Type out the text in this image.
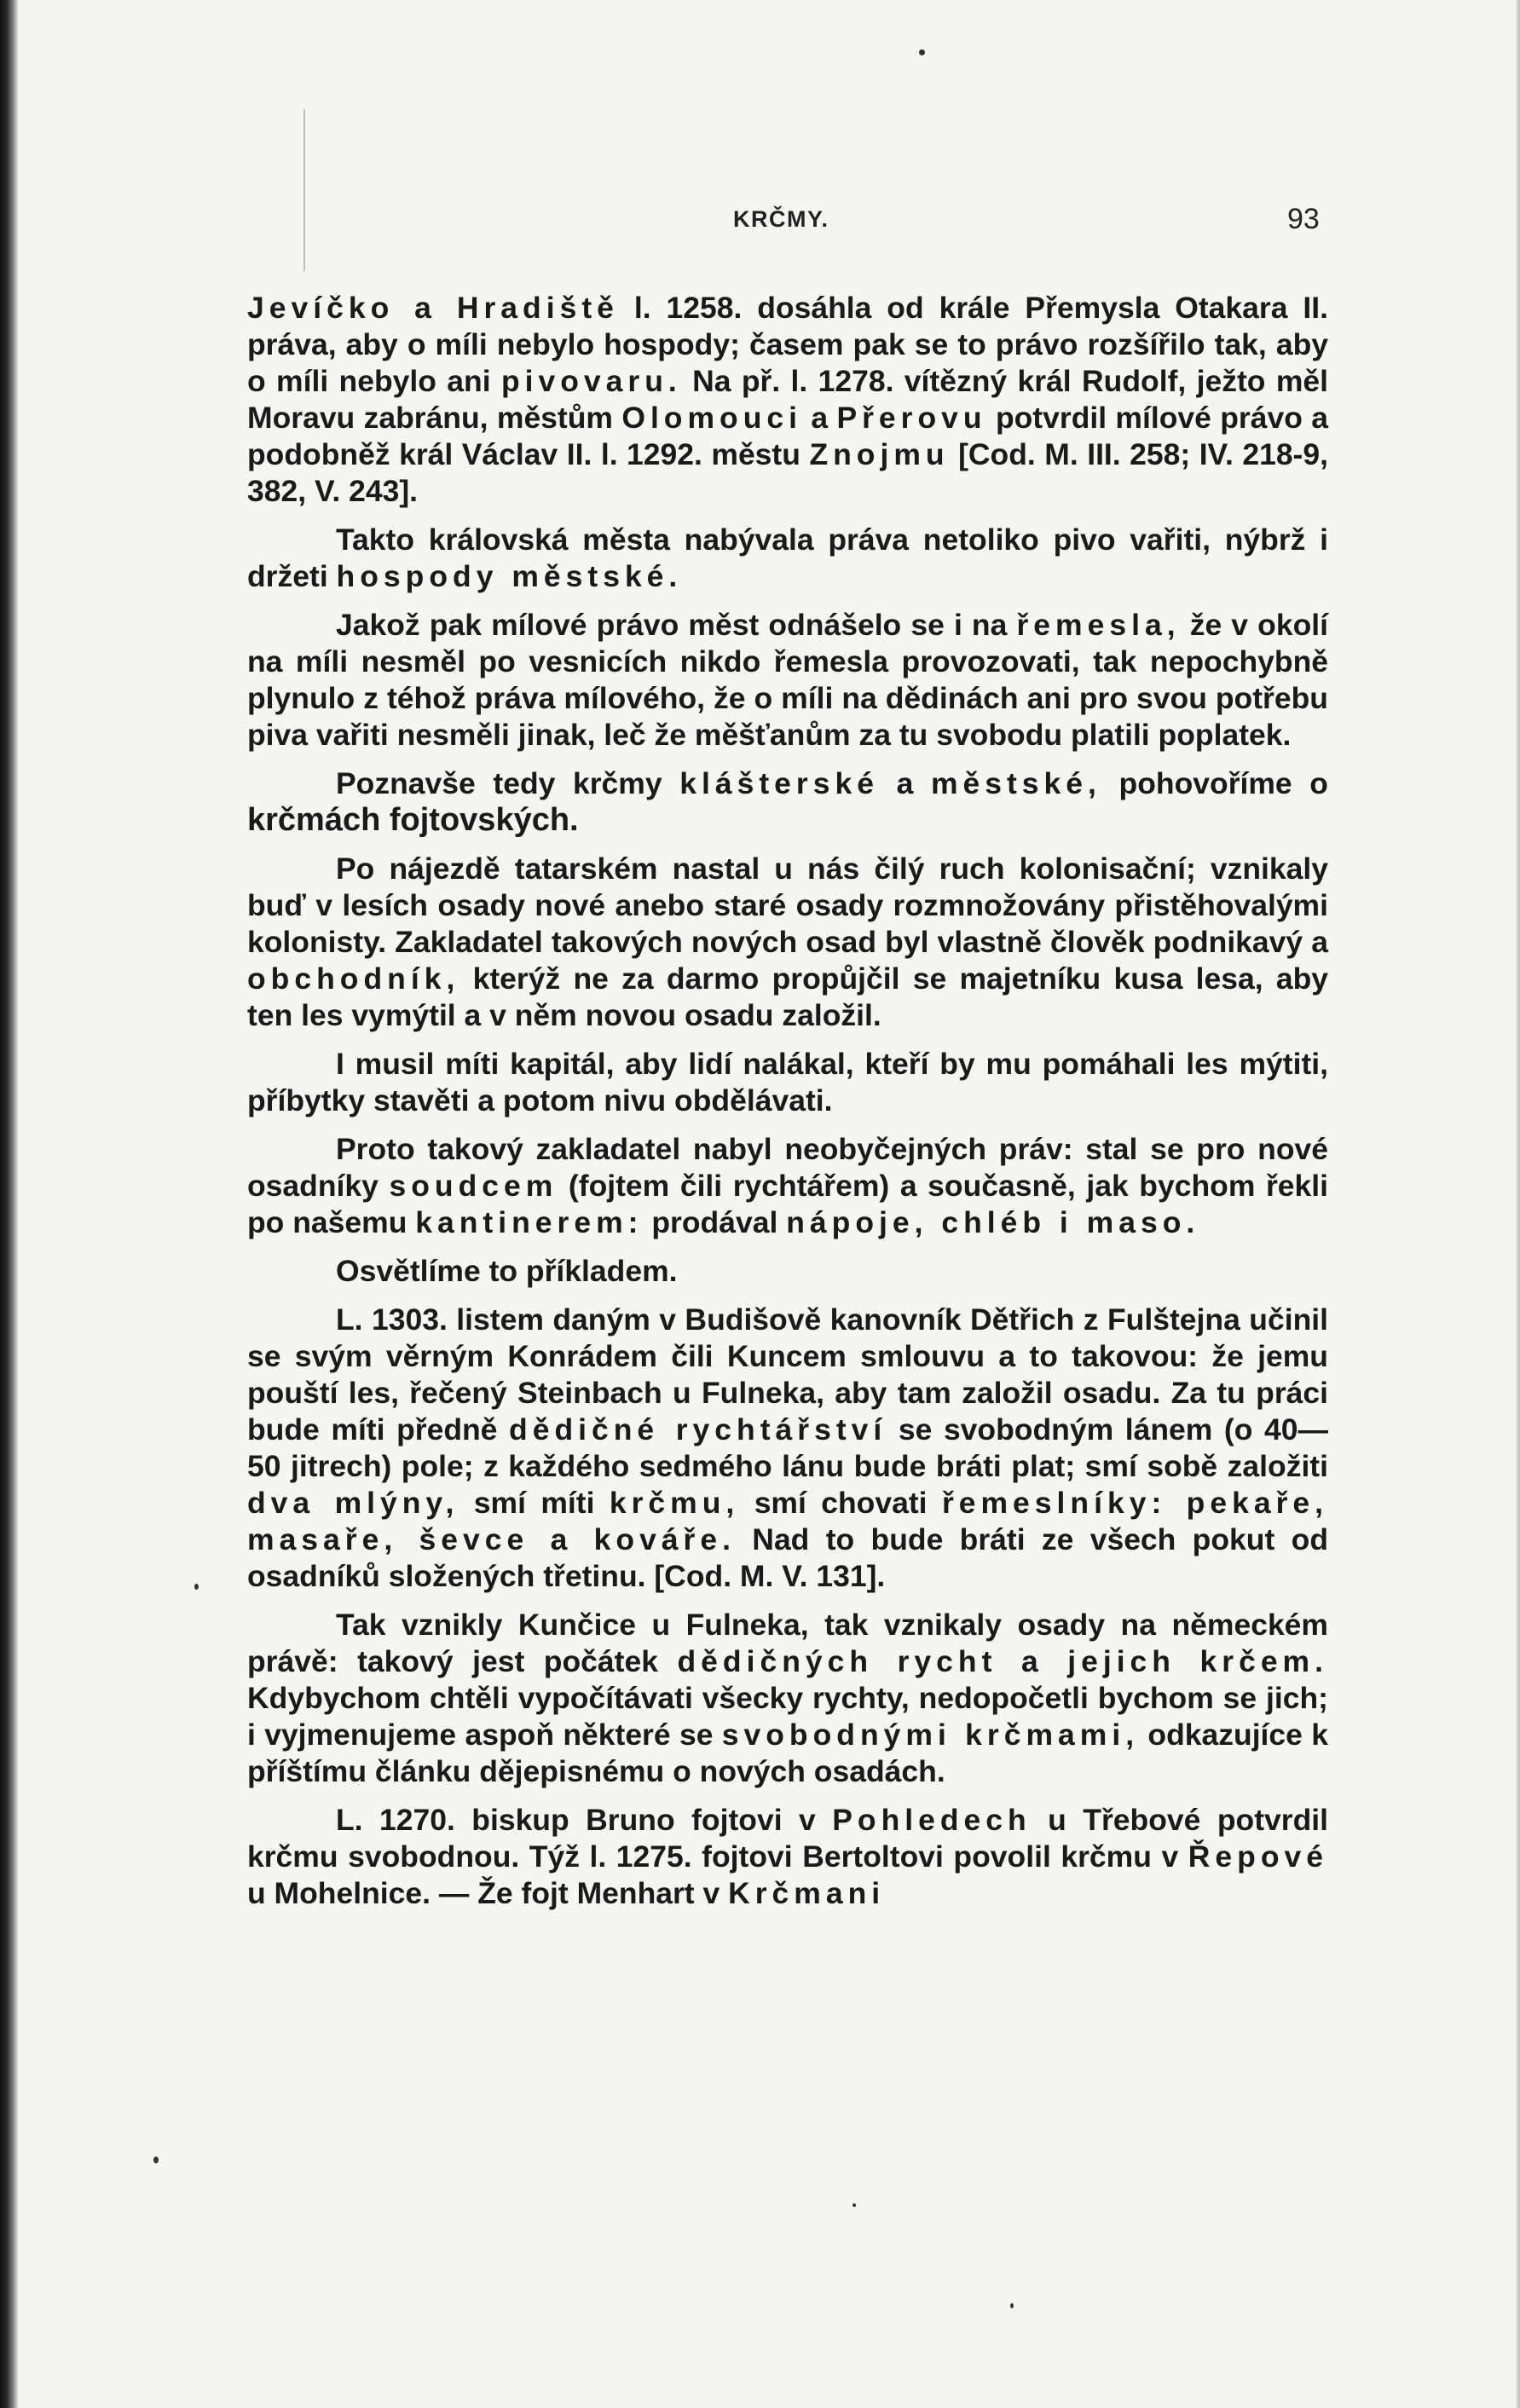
KRČMY.	93

Jevíčko a Hradiště l. 1258. dosáhla od krále Přemysla Otakara II. práva, aby o míli nebylo hospody; časem pak se to právo rozšířilo tak, aby o míli nebylo ani pivovaru. Na př. l. 1278. vítězný král Rudolf, ježto měl Moravu zabránu, městům Olomouci a Přerovu potvrdil mílové právo a podobněž král Václav II. l. 1292. městu Znojmu [Cod. M. III. 258; IV. 218-9, 382, V. 243].

Takto královská města nabývala práva netoliko pivo vařiti, nýbrž i držeti hospody městské.

Jakož pak mílové právo měst odnášelo se i na řemesla, že v okolí na míli nesměl po vesnicích nikdo řemesla provozovati, tak nepochybně plynulo z téhož práva mílového, že o míli na dědinách ani pro svou potřebu piva vařiti nesměli jinak, leč že měšťanům za tu svobodu platili poplatek.

Poznavše tedy krčmy klášterské a městské, pohovoříme o krčmách fojtovských.

Po nájezdě tatarském nastal u nás čilý ruch kolonisační; vznikaly buď v lesích osady nové anebo staré osady rozmnožovány přistěhovalými kolonisty. Zakladatel takových nových osad byl vlastně člověk podnikavý a obchodník, kterýž ne za darmo propůjčil se majetníku kusa lesa, aby ten les vymýtil a v něm novou osadu založil.

I musil míti kapitál, aby lidí nalákal, kteří by mu pomáhali les mýtiti, příbytky stavěti a potom nivu obdělávati.

Proto takový zakladatel nabyl neobyčejných práv: stal se pro nové osadníky soudcem (fojtem čili rychtářem) a současně, jak bychom řekli po našemu kantinerem: prodával nápoje, chléb i maso.

Osvětlíme to příkladem.

L. 1303. listem daným v Budišově kanovník Dětřich z Fulštejna učinil se svým věrným Konrádem čili Kuncem smlouvu a to takovou: že jemu pouští les, řečený Steinbach u Fulneka, aby tam založil osadu. Za tu práci bude míti předně dědičné rychtářství se svobodným lánem (o 40—50 jitrech) pole; z každého sedmého lánu bude bráti plat; smí sobě založiti dva mlýny, smí míti krčmu, smí chovati řemeslníky: pekaře, masaře, ševce a kováře. Nad to bude bráti ze všech pokut od osadníků složených třetinu. [Cod. M. V. 131].

Tak vznikly Kunčice u Fulneka, tak vznikaly osady na německém právě: takový jest počátek dědičných rycht a jejich krčem. Kdybychom chtěli vypočítávati všecky rychty, nedopočetli bychom se jich; i vyjmenujeme aspoň některé se svobodnými krčmami, odkazujíce k příštímu článku dějepisnému o nových osadách.

L. 1270. biskup Bruno fojtovi v Pohledech u Třebové potvrdil krčmu svobodnou. Týž l. 1275. fojtovi Bertoltovi povolil krčmu v Řepové u Mohelnice. — Že fojt Menhart v Krčmani
